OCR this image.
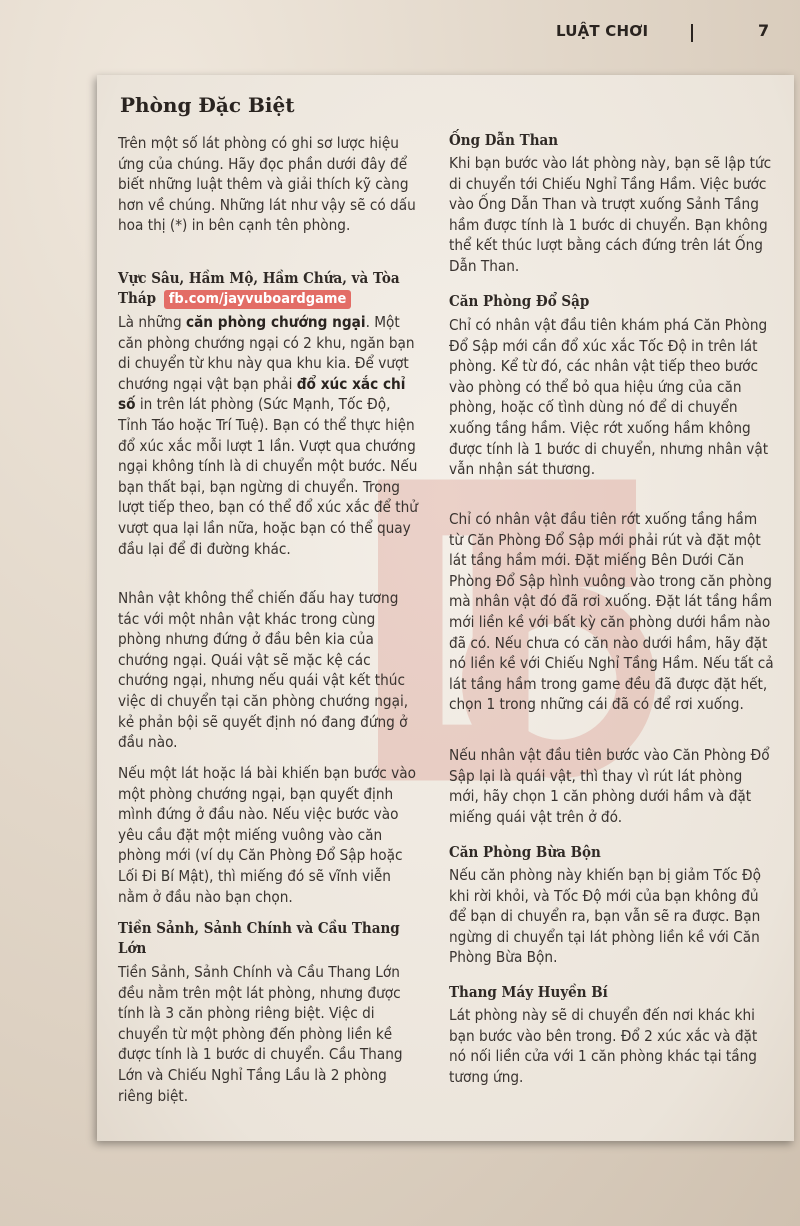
LUẬT CHƠI	7

Trên một số lát phòng có ghi sơ lược hiệu ứng của chúng. Hãy đọc phần dưới đây để biết những luật thêm và giải thích kỹ càng hơn về chúng. Những lát như vậy sẽ có dấu hoa thị (*) in bên cạnh tên phòng.

Vực Sâu, Hầm Mộ, Hầm Chứa, và Tòa
Tháp fb.com/jayvuboardgame

Là những căn phòng chướng ngại. Một căn phòng chướng ngại có 2 khu, ngăn bạn di chuyển từ khu này qua khu kia. Để vượt chướng ngại vật bạn phải đổ xúc xắc chỉ số in trên lát phòng (Sức Mạnh, Tốc Độ, Tỉnh Táo hoặc Trí Tuệ). Bạn có thể thực hiện đổ xúc xắc mỗi lượt 1 lần. Vượt qua chướng ngại không tính là di chuyển một bước. Nếu bạn thất bại, bạn ngừng di chuyển. Trong lượt tiếp theo, bạn có thể đổ xúc xắc để thử vượt qua lại lần nữa, hoặc bạn có thể quay đầu lại để đi đường khác.

Nhân vật không thể chiến đấu hay tương tác với một nhân vật khác trong cùng phòng nhưng đứng ở đầu bên kia của chướng ngại. Quái vật sẽ mặc kệ các chướng ngại, nhưng nếu quái vật kết thúc việc di chuyển tại căn phòng chướng ngại, kẻ phản bội sẽ quyết định nó đang đứng ở đầu nào.

Nếu một lát hoặc lá bài khiến bạn bước vào một phòng chướng ngại, bạn quyết định mình đứng ở đầu nào. Nếu việc bước vào yêu cầu đặt một miếng vuông vào căn phòng mới (ví dụ Căn Phòng Đổ Sập hoặc Lối Đi Bí Mật), thì miếng đó sẽ vĩnh viễn nằm ở đầu nào bạn chọn.

Tiền Sảnh, Sảnh Chính và Cầu Thang Lớn

Tiền Sảnh, Sảnh Chính và Cầu Thang Lớn đều nằm trên một lát phòng, nhưng được tính là 3 căn phòng riêng biệt. Việc di chuyển từ một phòng đến phòng liền kề được tính là 1 bước di chuyển. Cầu Thang Lớn và Chiếu Nghỉ Tầng Lầu là 2 phòng riêng biệt.

Ống Dẫn Than

Khi bạn bước vào lát phòng này, bạn sẽ lập tức di chuyển tới Chiếu Nghỉ Tầng Hầm. Việc bước vào Ống Dẫn Than và trượt xuống Sảnh Tầng hầm được tính là 1 bước di chuyển. Bạn không thể kết thúc lượt bằng cách đứng trên lát Ống Dẫn Than.

Căn Phòng Đổ Sập

Chỉ có nhân vật đầu tiên khám phá Căn Phòng Đổ Sập mới cần đổ xúc xắc Tốc Độ in trên lát phòng. Kể từ đó, các nhân vật tiếp theo bước vào phòng có thể bỏ qua hiệu ứng của căn phòng, hoặc cố tình dùng nó để di chuyển xuống tầng hầm. Việc rớt xuống hầm không được tính là 1 bước di chuyển, nhưng nhân vật vẫn nhận sát thương.

Chỉ có nhân vật đầu tiên rớt xuống tầng hầm từ Căn Phòng Đổ Sập mới phải rút và đặt một lát tầng hầm mới. Đặt miếng Bên Dưới Căn Phòng Đổ Sập hình vuông vào trong căn phòng mà nhân vật đó đã rơi xuống. Đặt lát tầng hầm mới liền kề với bất kỳ căn phòng dưới hầm nào đã có. Nếu chưa có căn nào dưới hầm, hãy đặt nó liền kề với Chiếu Nghỉ Tầng Hầm. Nếu tất cả lát tầng hầm trong game đều đã được đặt hết, chọn 1 trong những cái đã có để rơi xuống.

Nếu nhân vật đầu tiên bước vào Căn Phòng Đổ Sập lại là quái vật, thì thay vì rút lát phòng mới, hãy chọn 1 căn phòng dưới hầm và đặt miếng quái vật trên ở đó.

Căn Phòng Bừa Bộn

Nếu căn phòng này khiến bạn bị giảm Tốc Độ khi rời khỏi, và Tốc Độ mới của bạn không đủ để bạn di chuyển ra, bạn vẫn sẽ ra được. Bạn ngừng di chuyển tại lát phòng liền kề với Căn Phòng Bừa Bộn.

Thang Máy Huyền Bí

Lát phòng này sẽ di chuyển đến nơi khác khi bạn bước vào bên trong. Đổ 2 xúc xắc và đặt nó nối liền cửa với 1 căn phòng khác tại tầng tương ứng.

Phòng Đặc Biệt
